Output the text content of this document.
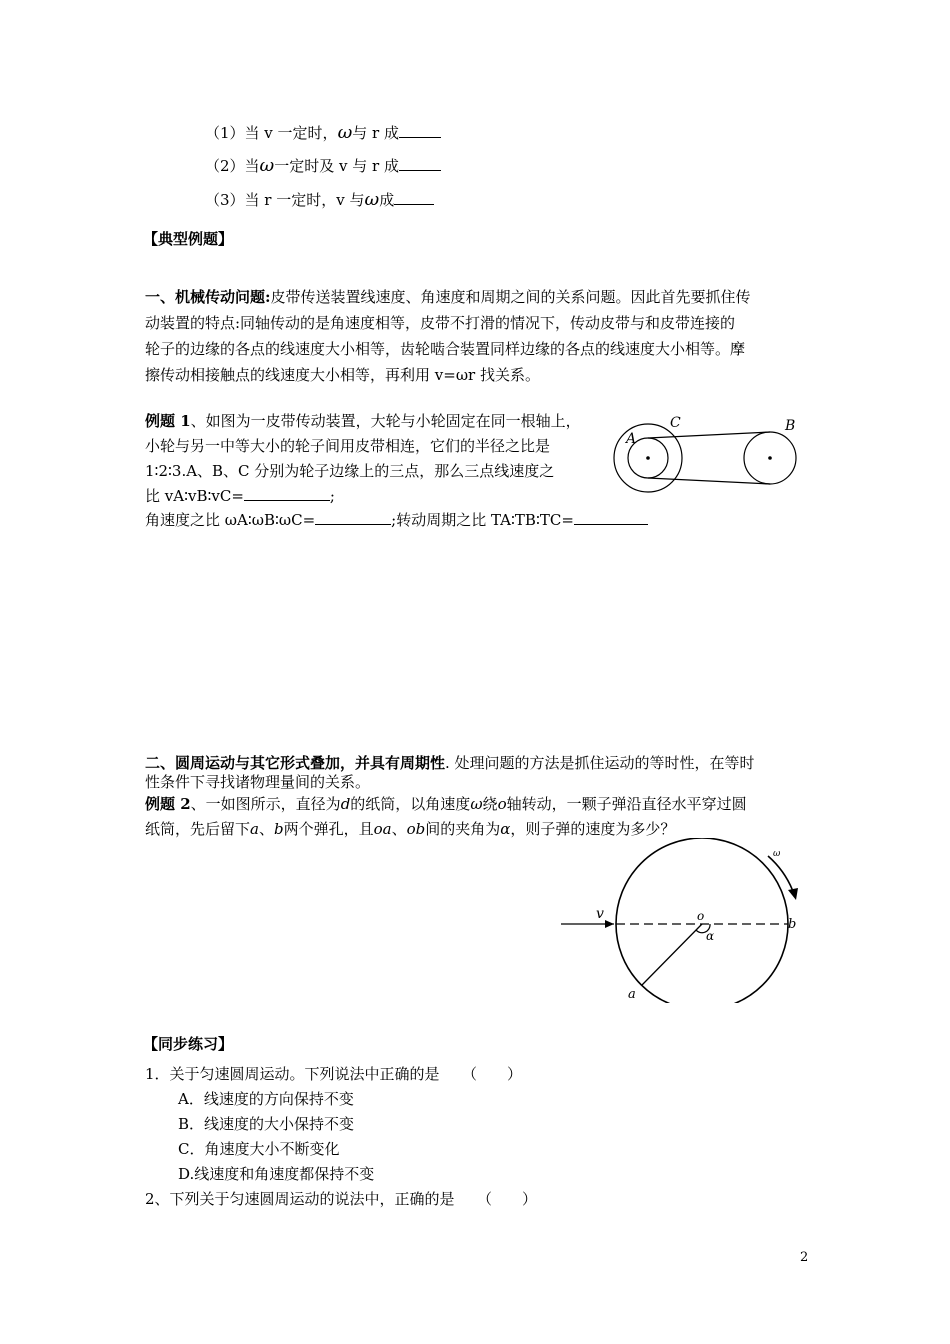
（1）当 v 一定时，ω与 r 成
（2）当ω一定时及 v 与 r 成
（3）当 r 一定时，v 与ω成
【典型例题】
一、机械传动问题:皮带传送装置线速度、角速度和周期之间的关系问题。因此首先要抓住传
动装置的特点:同轴传动的是角速度相等，皮带不打滑的情况下，传动皮带与和皮带连接的
轮子的边缘的各点的线速度大小相等，齿轮啮合装置同样边缘的各点的线速度大小相等。摩
擦传动相接触点的线速度大小相等，再利用 v=ωr 找关系。
例题 1、如图为一皮带传动装置，大轮与小轮固定在同一根轴上，
小轮与另一中等大小的轮子间用皮带相连，它们的半径之比是
1∶2∶3.A、B、C 分别为轮子边缘上的三点，那么三点线速度之
比 vA∶vB∶vC=	;
角速度之比 ωA∶ωB∶ωC=	;转动周期之比 TA∶TB∶TC=
A
C	B
二、圆周运动与其它形式叠加，并具有周期性. 处理问题的方法是抓住运动的等时性，在等时
性条件下寻找诸物理量间的关系。
例题 2、一如图所示，直径为d的纸筒，以角速度ω绕o轴转动，一颗子弹沿直径水平穿过圆
纸筒，先后留下a、b两个弹孔，且oa、ob间的夹角为α，则子弹的速度为多少？
v	o
α
b
a
ω
【同步练习】
1．关于匀速圆周运动。下列说法中正确的是　　（　　）
A．线速度的方向保持不变
B．线速度的大小保持不变
C．角速度大小不断变化
D.线速度和角速度都保持不变
2、下列关于匀速圆周运动的说法中，正确的是　　（　　）
2
